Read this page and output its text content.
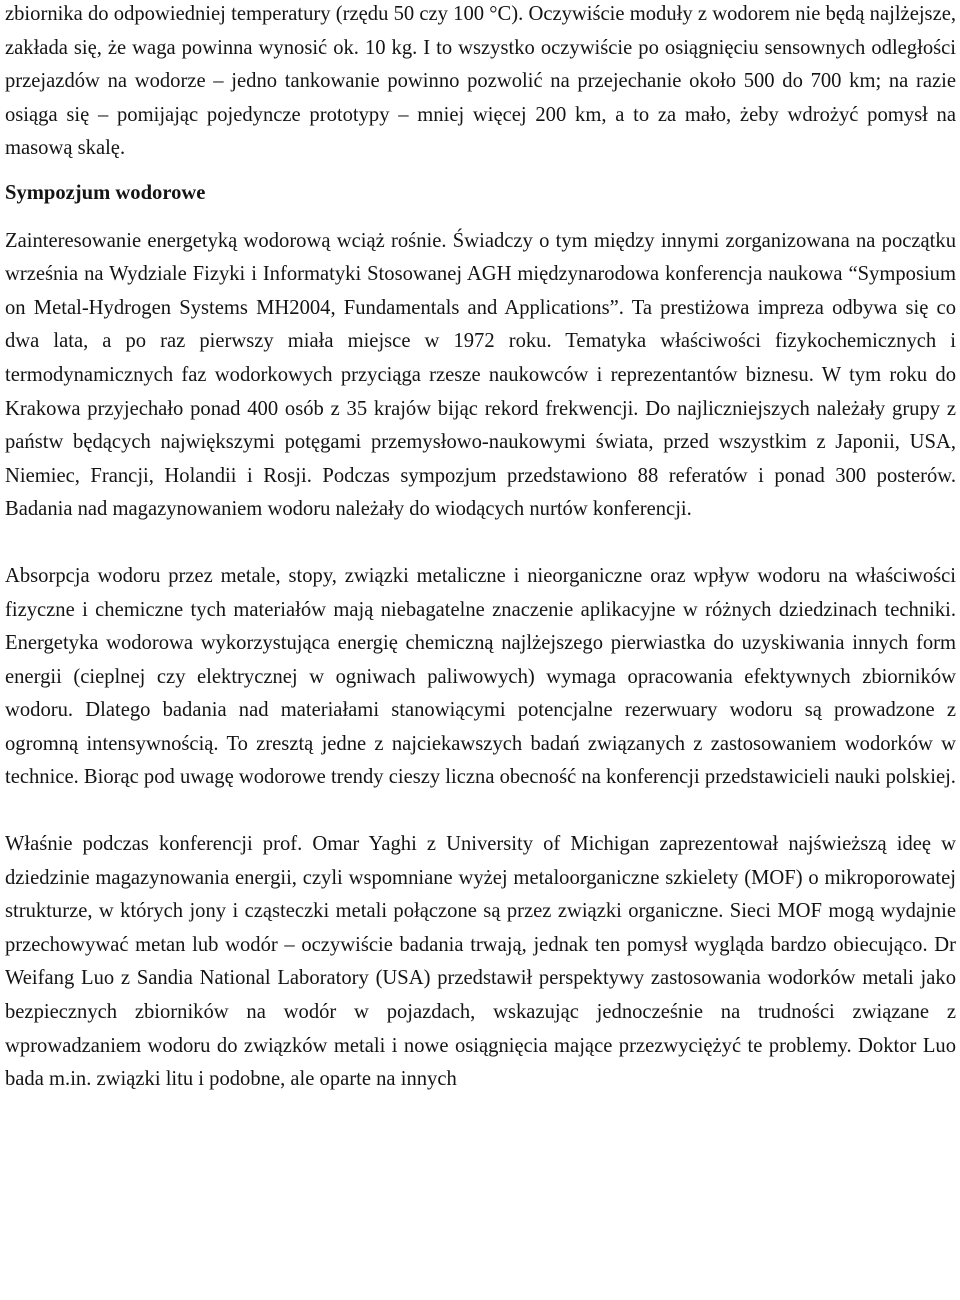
zbiornika do odpowiedniej temperatury (rzędu 50 czy 100 °C). Oczywiście moduły z wodorem nie będą najlżejsze, zakłada się, że waga powinna wynosić ok. 10 kg. I to wszystko oczywiście po osiągnięciu sensownych odległości przejazdów na wodorze – jedno tankowanie powinno pozwolić na przejechanie około 500 do 700 km; na razie osiąga się – pomijając pojedyncze prototypy – mniej więcej 200 km, a to za mało, żeby wdrożyć pomysł na masową skalę.

Sympozjum wodorowe

Zainteresowanie energetyką wodorową wciąż rośnie. Świadczy o tym między innymi zorganizowana na początku września na Wydziale Fizyki i Informatyki Stosowanej AGH międzynarodowa konferencja naukowa “Symposium on Metal-Hydrogen Systems MH2004, Fundamentals and Applications”. Ta prestiżowa impreza odbywa się co dwa lata, a po raz pierwszy miała miejsce w 1972 roku. Tematyka właściwości fizykochemicznych i termodynamicznych faz wodorkowych przyciąga rzesze naukowców i reprezentantów biznesu. W tym roku do Krakowa przyjechało ponad 400 osób z 35 krajów bijąc rekord frekwencji. Do najliczniejszych należały grupy z państw będących największymi potęgami przemysłowo-naukowymi świata, przed wszystkim z Japonii, USA, Niemiec, Francji, Holandii i Rosji. Podczas sympozjum przedstawiono 88 referatów i ponad 300 posterów. Badania nad magazynowaniem wodoru należały do wiodących nurtów konferencji.

Absorpcja wodoru przez metale, stopy, związki metaliczne i nieorganiczne oraz wpływ wodoru na właściwości fizyczne i chemiczne tych materiałów mają niebagatelne znaczenie aplikacyjne w różnych dziedzinach techniki. Energetyka wodorowa wykorzystująca energię chemiczną najlżejszego pierwiastka do uzyskiwania innych form energii (cieplnej czy elektrycznej w ogniwach paliwowych) wymaga opracowania efektywnych zbiorników wodoru. Dlatego badania nad materiałami stanowiącymi potencjalne rezerwuary wodoru są prowadzone z ogromną intensywnością. To zresztą jedne z najciekawszych badań związanych z zastosowaniem wodorków w technice. Biorąc pod uwagę wodorowe trendy cieszy liczna obecność na konferencji przedstawicieli nauki polskiej.

Właśnie podczas konferencji prof. Omar Yaghi z University of Michigan zaprezentował najświeższą ideę w dziedzinie magazynowania energii, czyli wspomniane wyżej metaloorganiczne szkielety (MOF) o mikroporowatej strukturze, w których jony i cząsteczki metali połączone są przez związki organiczne. Sieci MOF mogą wydajnie przechowywać metan lub wodór – oczywiście badania trwają, jednak ten pomysł wygląda bardzo obiecująco. Dr Weifang Luo z Sandia National Laboratory (USA) przedstawił perspektywy zastosowania wodorków metali jako bezpiecznych zbiorników na wodór w pojazdach, wskazując jednocześnie na trudności związane z wprowadzaniem wodoru do związków metali i nowe osiągnięcia mające przezwyciężyć te problemy. Doktor Luo bada m.in. związki litu i podobne, ale oparte na innych
